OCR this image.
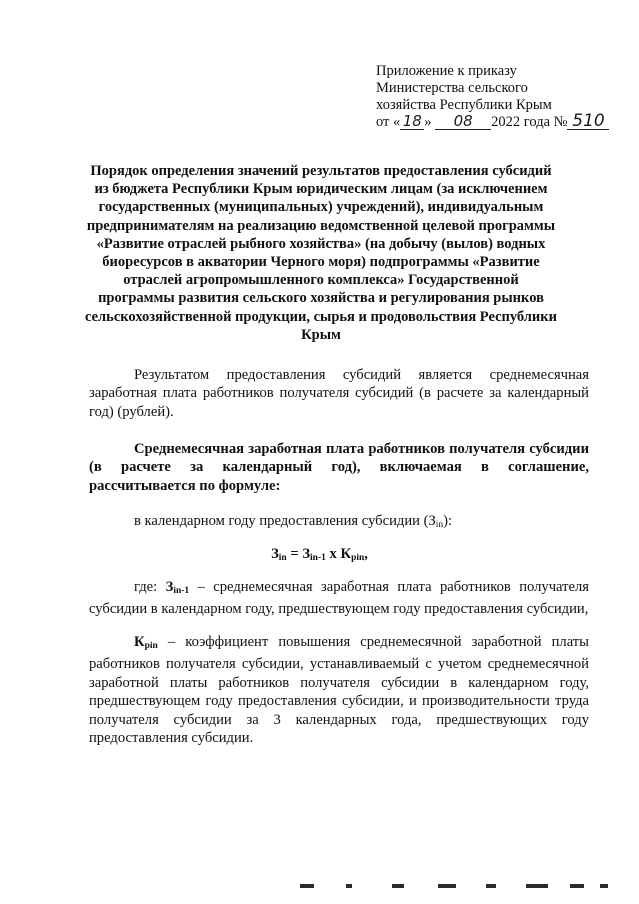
Приложение к приказу
Министерства сельского
хозяйства Республики Крым
от « 18 » 08 2022 года № 510
Порядок определения значений результатов предоставления субсидий из бюджета Республики Крым юридическим лицам (за исключением государственных (муниципальных) учреждений), индивидуальным предпринимателям на реализацию ведомственной целевой программы «Развитие отраслей рыбного хозяйства» (на добычу (вылов) водных биоресурсов в акватории Черного моря) подпрограммы «Развитие отраслей агропромышленного комплекса» Государственной программы развития сельского хозяйства и регулирования рынков сельскохозяйственной продукции, сырья и продовольствия Республики Крым
Результатом предоставления субсидий является среднемесячная заработная плата работников получателя субсидий (в расчете за календарный год) (рублей).
Среднемесячная заработная плата работников получателя субсидии (в расчете за календарный год), включаемая в соглашение, рассчитывается по формуле:
в календарном году предоставления субсидии $(З_{in})$:
$З_{in} = З_{in-1}$ x $К_{pin}$,
где: $З_{in-1}$ – среднемесячная заработная плата работников получателя субсидии в календарном году, предшествующем году предоставления субсидии,
$К_{pin}$ – коэффициент повышения среднемесячной заработной платы работников получателя субсидии, устанавливаемый с учетом среднемесячной заработной платы работников получателя субсидии в календарном году, предшествующем году предоставления субсидии, и производительности труда получателя субсидии за 3 календарных года, предшествующих году предоставления субсидии.
